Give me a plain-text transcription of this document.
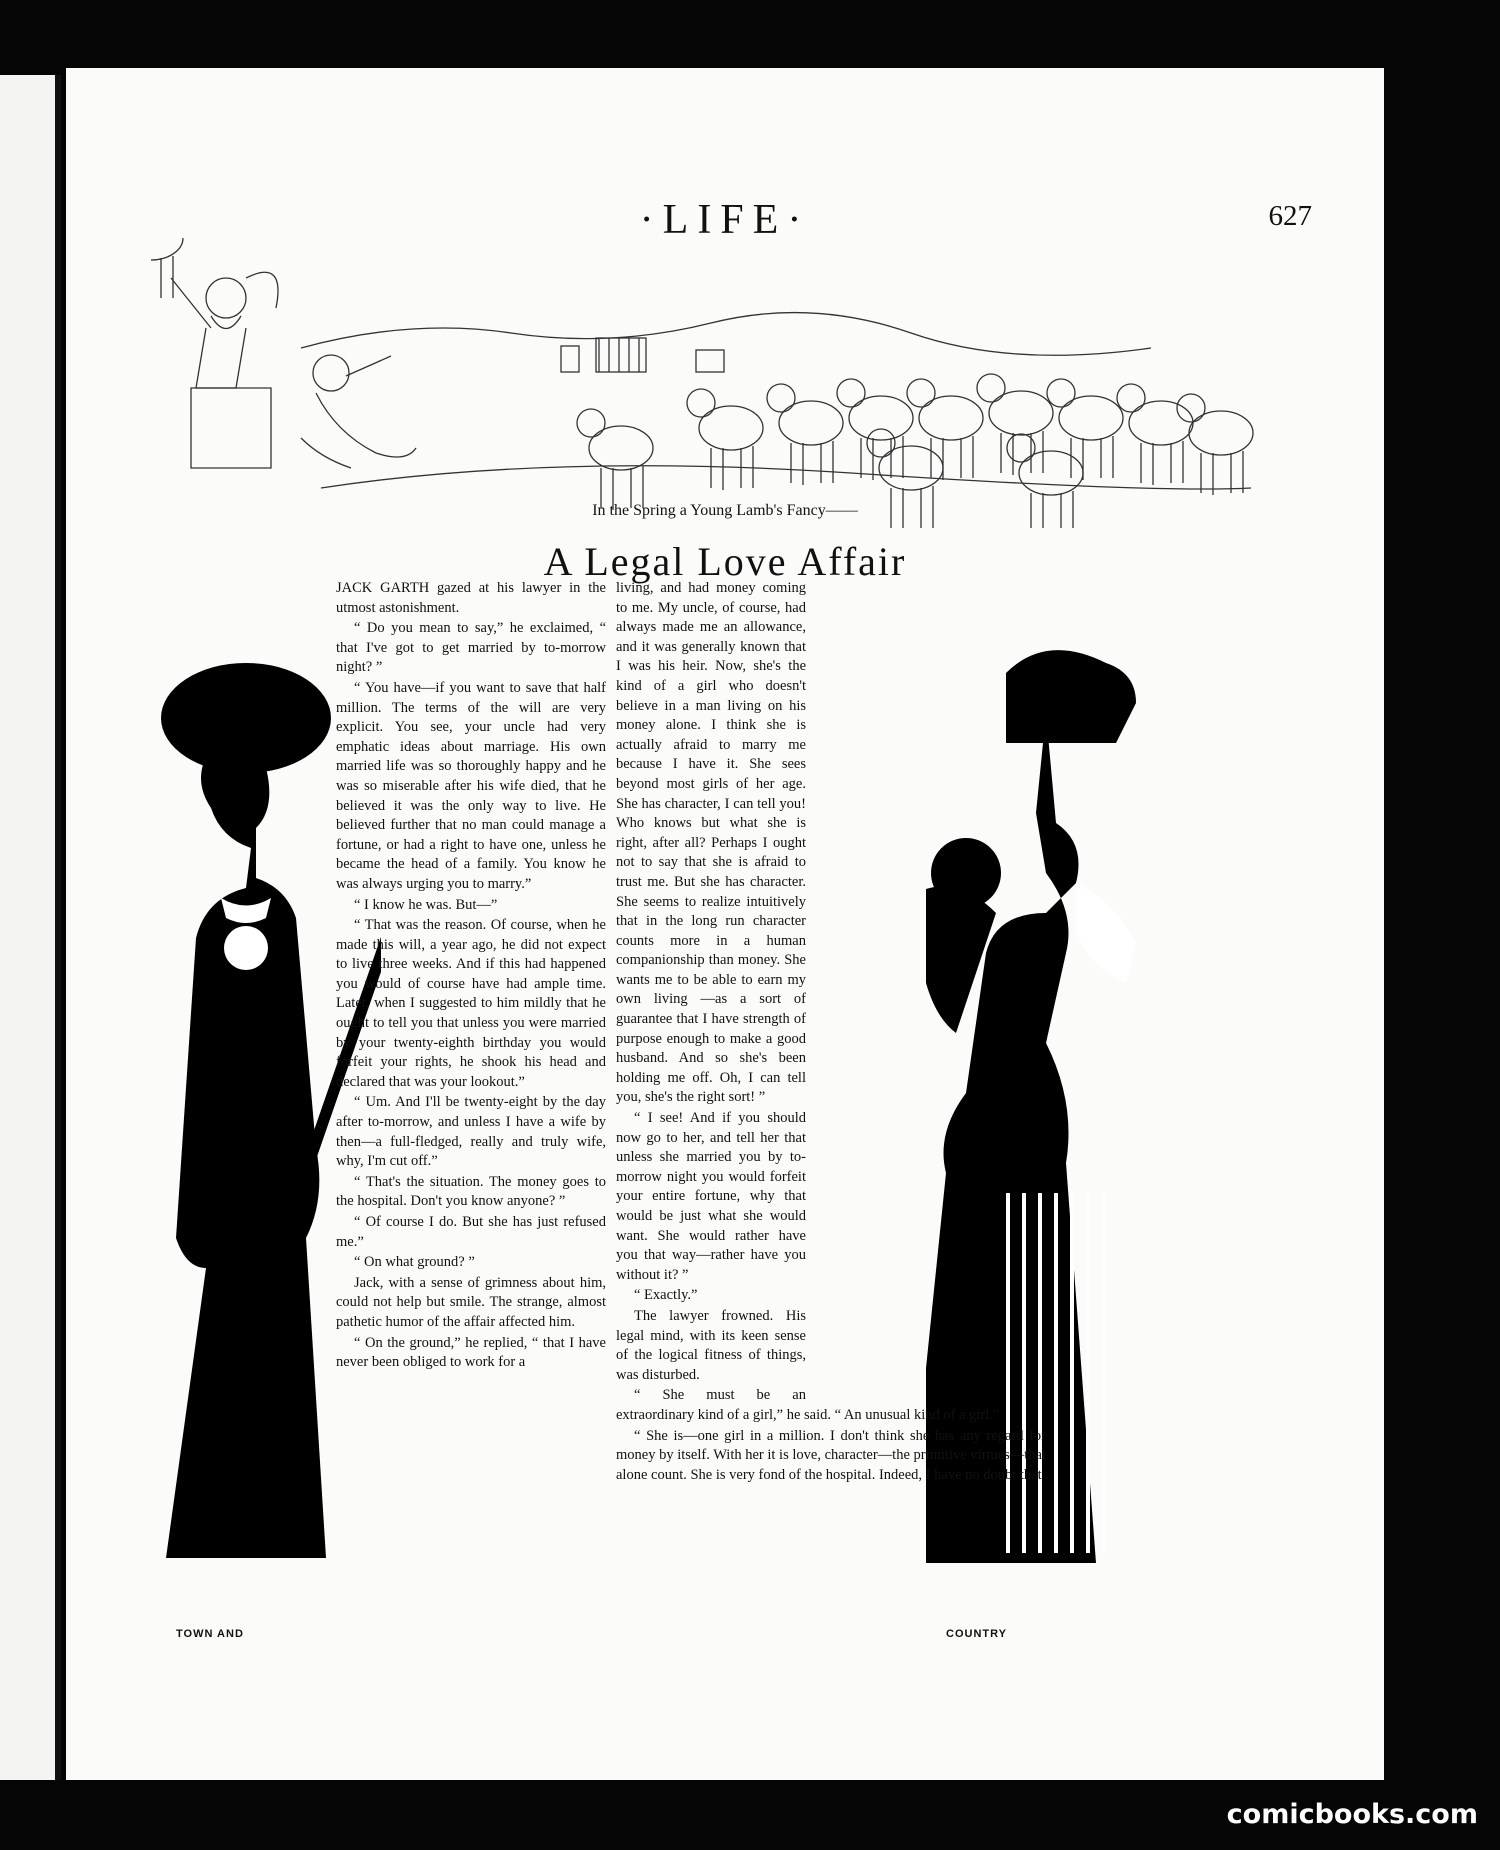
·LIFE·	627
In the Spring a Young Lamb's Fancy——
A Legal Love Affair
TOWN AND	COUNTRY

JACK GARTH gazed at his lawyer in the utmost astonishment.

“ Do you mean to say,” he exclaimed, “ that I've got to get married by to-morrow night? ”

“ You have—if you want to save that half million. The terms of the will are very explicit. You see, your uncle had very emphatic ideas about marriage. His own married life was so thoroughly happy and he was so miserable after his wife died, that he believed it was the only way to live. He believed further that no man could manage a fortune, or had a right to have one, unless he became the head of a family. You know he was always urging you to marry.”

“ I know he was. But—”

“ That was the reason. Of course, when he made this will, a year ago, he did not expect to live three weeks. And if this had happened you would of course have had ample time. Later, when I suggested to him mildly that he ought to tell you that unless you were married by your twenty-eighth birthday you would forfeit your rights, he shook his head and declared that was your lookout.”

“ Um. And I'll be twenty-eight by the day after to-morrow, and unless I have a wife by then—a full-fledged, really and truly wife, why, I'm cut off.”

“ That's the situation. The money goes to the hospital. Don't you know anyone? ”

“ Of course I do. But she has just refused me.”

“ On what ground? ”

Jack, with a sense of grimness about him, could not help but smile. The strange, almost pathetic humor of the affair affected him.

“ On the ground,” he replied, “ that I have never been obliged to work for a

living, and had money coming to me. My uncle, of course, had always made me an allowance, and it was generally known that I was his heir. Now, she's the kind of a girl who doesn't believe in a man living on his money alone. I think she is actually afraid to marry me because I have it. She sees beyond most girls of her age. She has character, I can tell you! Who knows but what she is right, after all? Perhaps I ought not to say that she is afraid to trust me. But she has character. She seems to realize intuitively that in the long run character counts more in a human companionship than money. She wants me to be able to earn my own living —as a sort of guarantee that I have strength of purpose enough to make a good husband. And so she's been holding me off. Oh, I can tell you, she's the right sort! ”

“ I see! And if you should now go to her, and tell her that unless she married you by to-morrow night you would forfeit your entire fortune, why that would be just what she would want. She would rather have you that way—rather have you without it? ”

“ Exactly.”

The lawyer frowned. His legal mind, with its keen sense of the logical fitness of things, was disturbed.

“ She must be an extraordinary kind of a girl,” he said. “ An unusual kind of a girl.”

“ She is—one girl in a million. I don't think she has any regard for money by itself. With her it is love, character—the primitive virtues—that alone count. She is very fond of the hospital. Indeed, I have no doubt that

comicbooks.com
